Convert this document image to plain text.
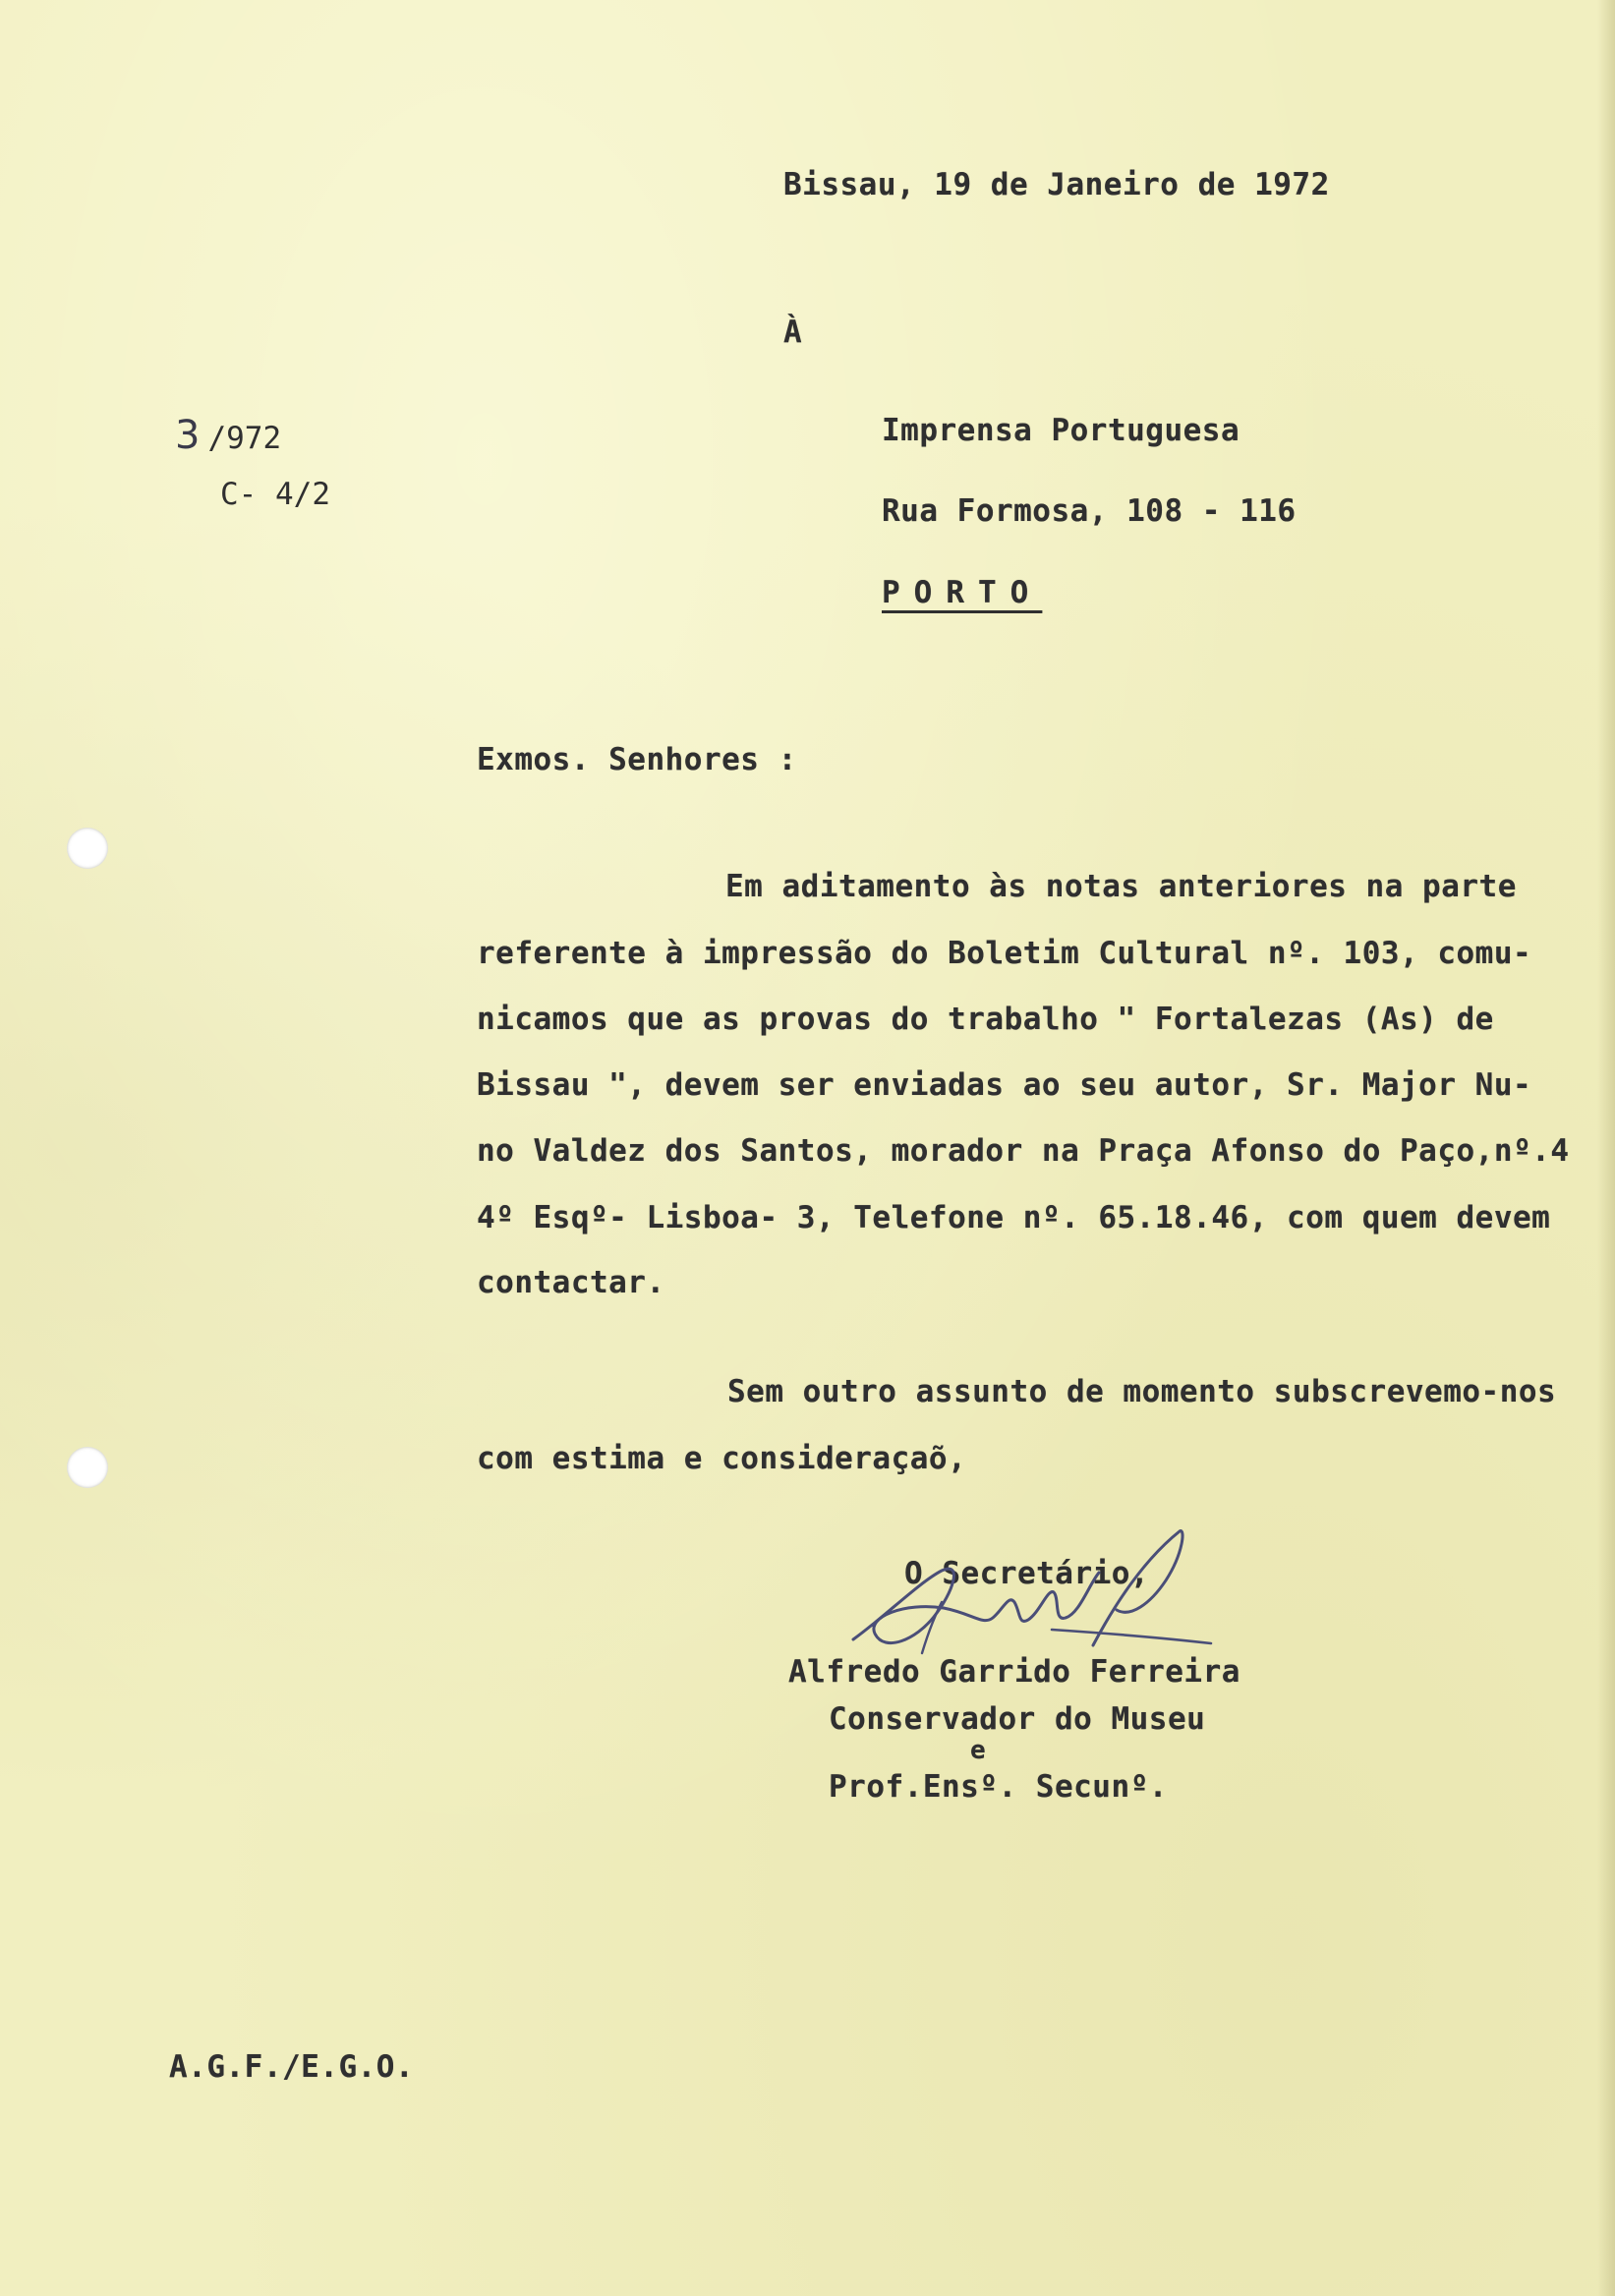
Bissau, 19 de Janeiro de 1972
À
3 /972
C- 4/2
Imprensa Portuguesa
Rua Formosa, 108 - 116
PORTO
Exmos. Senhores :
Em aditamento às notas anteriores na parte
referente à impressão do Boletim Cultural nº. 103, comu-
nicamos que as provas do trabalho " Fortalezas (As) de
Bissau ", devem ser enviadas ao seu autor, Sr. Major Nu-
no Valdez dos Santos, morador na Praça Afonso do Paço,nº.4
4º Esqº- Lisboa- 3, Telefone nº. 65.18.46, com quem devem
contactar.
Sem outro assunto de momento subscrevemo-nos
com estima e consideraçaõ,
O Secretário,
Alfredo Garrido Ferreira
Conservador do Museu
e
Prof.Ensº. Secunº.
A.G.F./E.G.O.
